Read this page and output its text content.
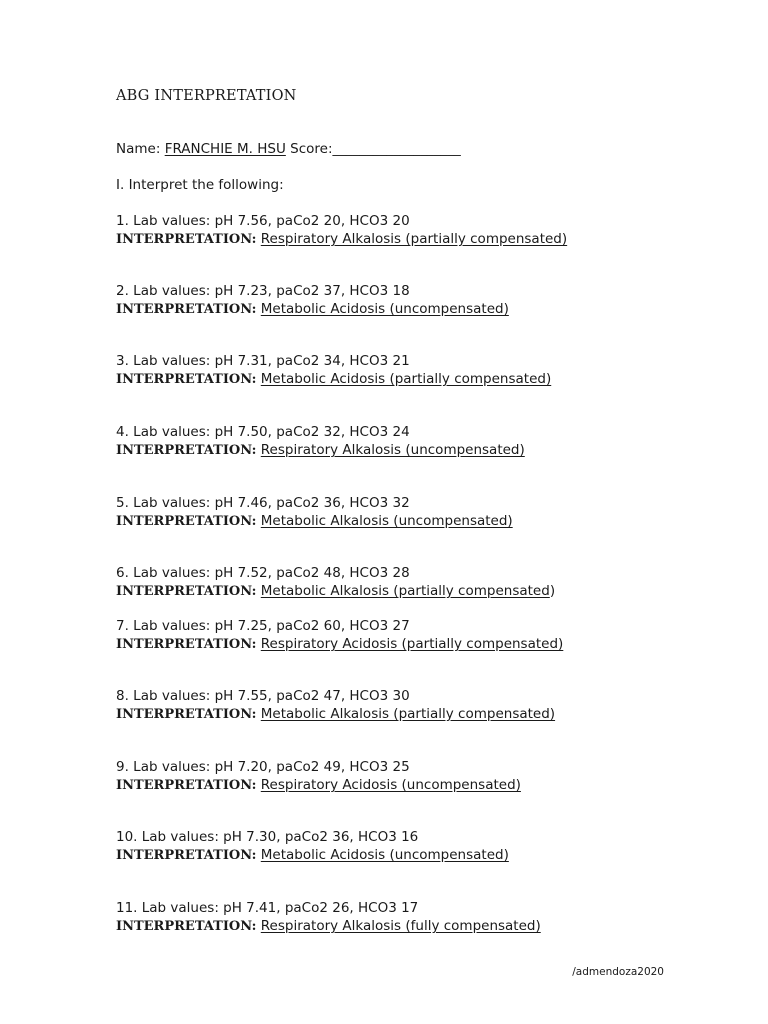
ABG INTERPRETATION
Name: FRANCHIE M. HSU Score:___________________
I. Interpret the following:
1. Lab values: pH 7.56, paCo2 20, HCO3 20
INTERPRETATION: Respiratory Alkalosis (partially compensated)
2. Lab values: pH 7.23, paCo2 37, HCO3 18
INTERPRETATION: Metabolic Acidosis (uncompensated)
3. Lab values: pH 7.31, paCo2 34, HCO3 21
INTERPRETATION: Metabolic Acidosis (partially compensated)
4. Lab values: pH 7.50, paCo2 32, HCO3 24
INTERPRETATION: Respiratory Alkalosis (uncompensated)
5. Lab values: pH 7.46, paCo2 36, HCO3 32
INTERPRETATION: Metabolic Alkalosis (uncompensated)
6. Lab values: pH 7.52, paCo2 48, HCO3 28
INTERPRETATION: Metabolic Alkalosis (partially compensated)
7. Lab values: pH 7.25, paCo2 60, HCO3 27
INTERPRETATION: Respiratory Acidosis (partially compensated)
8. Lab values: pH 7.55, paCo2 47, HCO3 30
INTERPRETATION: Metabolic Alkalosis (partially compensated)
9. Lab values: pH 7.20, paCo2 49, HCO3 25
INTERPRETATION: Respiratory Acidosis (uncompensated)
10. Lab values: pH 7.30, paCo2 36, HCO3 16
INTERPRETATION: Metabolic Acidosis (uncompensated)
11. Lab values: pH 7.41, paCo2 26, HCO3 17
INTERPRETATION: Respiratory Alkalosis (fully compensated)
/admendoza2020
